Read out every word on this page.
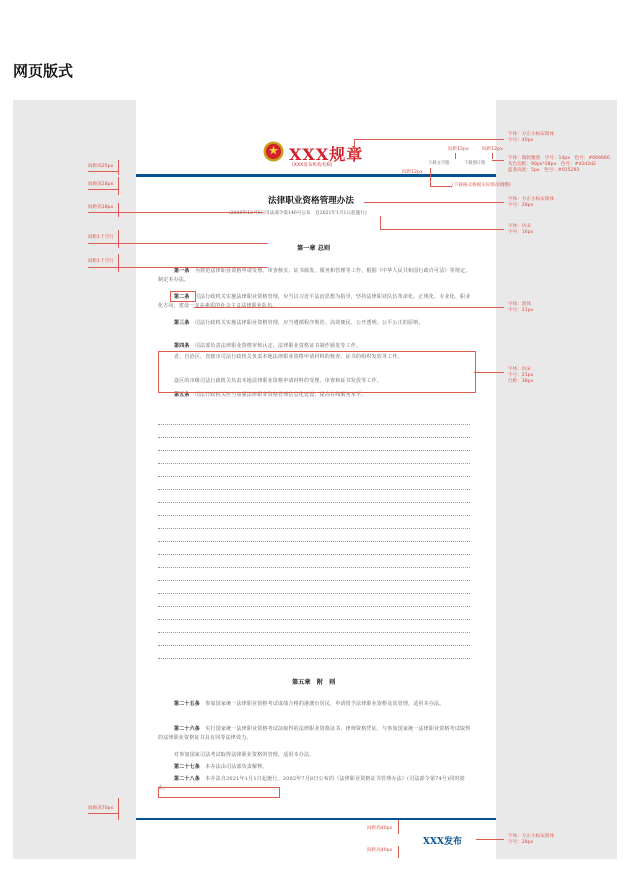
网页版式
XXX规章
(XXX发布机构名称)	下载文字版	下载图片版
法律职业资格管理办法
(2020年12月1日司法部令第146号公布　自2021年1月1日起施行)
第一章 总则
第一条　 为规范法律职业资格申请受理、审查核实、证书颁发、服务和管理等工作，根据《中华人民共和国行政许可法》等规定，制定本办法。
第二条　 司法行政机关实施法律职业资格管理，应当以习近平法治思想为指导，坚持法律职业队伍革命化、正规化、专业化、职业化方向，建设一支高素质的社会主义法律职业队伍。
第三条　 司法行政机关实施法律职业资格管理，应当遵循程序规范、高效便民、公开透明、公平公正的原则。
第四条　 司法部负责法律职业资格审核认定、法律职业资格证书制作颁发等工作。
省、自治区、直辖市司法行政机关负责本地法律职业资格申请材料的核查、证书的组织发放等工作。
设区的市级司法行政机关负责本地法律职业资格申请材料的受理、审查和证书发放等工作。
第五条　 司法行政机关应当加强法律职业资格管理信息化建设，提高在线服务水平。
第五章　附　则
第二十五条　 参加国家统一法律职业资格考试成绩合格的港澳台居民，申请授予法律职业资格及其管理，适用本办法。
第二十六条　 实行国家统一法律职业资格考试前取得的法律职业资格证书、律师资格凭证，与参加国家统一法律职业资格考试取得的法律职业资格证书具有同等法律效力。
对参加国家司法考试取得法律职业资格的管理，适用本办法。
第二十七条　 本办法由司法部负责解释。
第二十八条　 本办法自2021年1月1日起施行。2002年7月8日公布的《法律职业资格证书管理办法》(司法部令第74号)同时废止。
XXX发布
间距高35px
间距高18px
间距高18px
间距1个空行
间距1个空行
间距高70px
间距12px	间距12px
间距12px
(下载格式根据实际情况调整)
字体：方正小标宋简体
字号：40px
字体：微软雅黑　字号：14px　色号：#666666
灰色边框：90px*38px　色号：#d2d2d2
蓝条高度：5px　色号：#015293
字体：方正小标宋简体
字号：28px
字体：仿宋
字号：16px
字体：黑体
字号：21px
字体：仿宋
字号：21px
行距：38px
间距高40px
间距高40px
字体：方正小标宋简体
字号：28px
